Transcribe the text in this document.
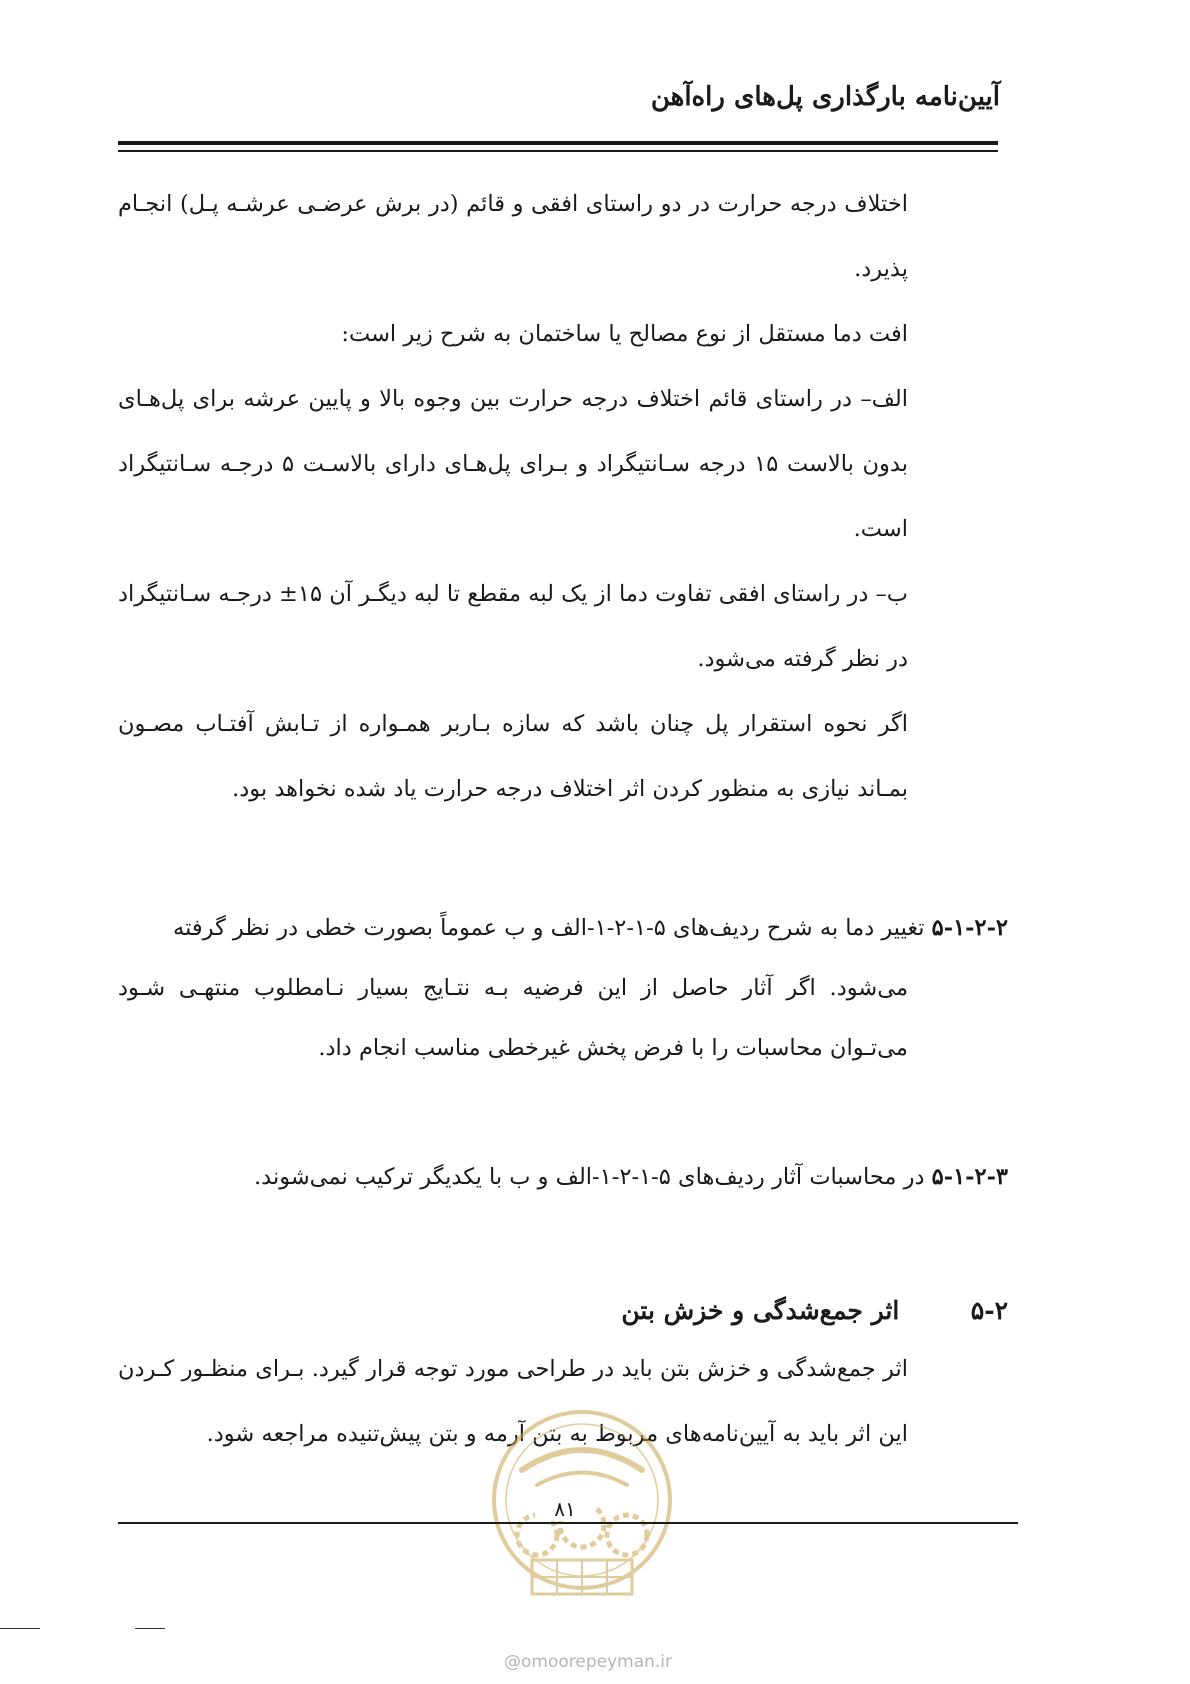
آیین‌نامه بارگذاری پل‌های راه‌آهن

اختلاف درجه حرارت در دو راستای افقی و قائم (در برش عرضـی عرشـه پـل) انجـام پذیرد.

افت دما مستقل از نوع مصالح یا ساختمان به شرح زیر است:

الف– در راستای قائم اختلاف درجه حرارت بین وجوه بالا و پایین عرشه برای پل‌هـای بدون بالاست ۱۵ درجه سـانتیگراد و بـرای پل‌هـای دارای بالاسـت ۵ درجـه سـانتیگراد است.

ب– در راستای افقی تفاوت دما از یک لبه مقطع تا لبه دیگـر آن ۱۵± درجـه سـانتیگراد در نظر گرفته می‌شود.

اگر نحوه استقرار پل چنان باشد که سازه بـاربر همـواره از تـابش آفتـاب مصـون بمـاند نیازی به منظور کردن اثر اختلاف درجه حرارت یاد شده نخواهد بود.

۵-۱-۲-۲ تغییر دما به شرح ردیف‌های ۵-۱-۲-۱-الف و ب عموماً بصورت خطی در نظر گرفته
می‌شود. اگر آثار حاصل از این فرضیه بـه نتـایج بسیار نـامطلوب منتهـی شـود می‌تـوان محاسبات را با فرض پخش غیرخطی مناسب انجام داد.

۵-۱-۲-۳ در محاسبات آثار ردیف‌های ۵-۱-۲-۱-الف و ب با یکدیگر ترکیب نمی‌شوند.

۵-۲ اثر جمع‌شدگی و خزش بتن

اثر جمع‌شدگی و خزش بتن باید در طراحی مورد توجه قرار گیرد. بـرای منظـور کـردن این اثر باید به آیین‌نامه‌های مربوط به بتن آرمه و بتن پیش‌تنیده مراجعه شود.

۸۱
@omoorepeyman.ir
